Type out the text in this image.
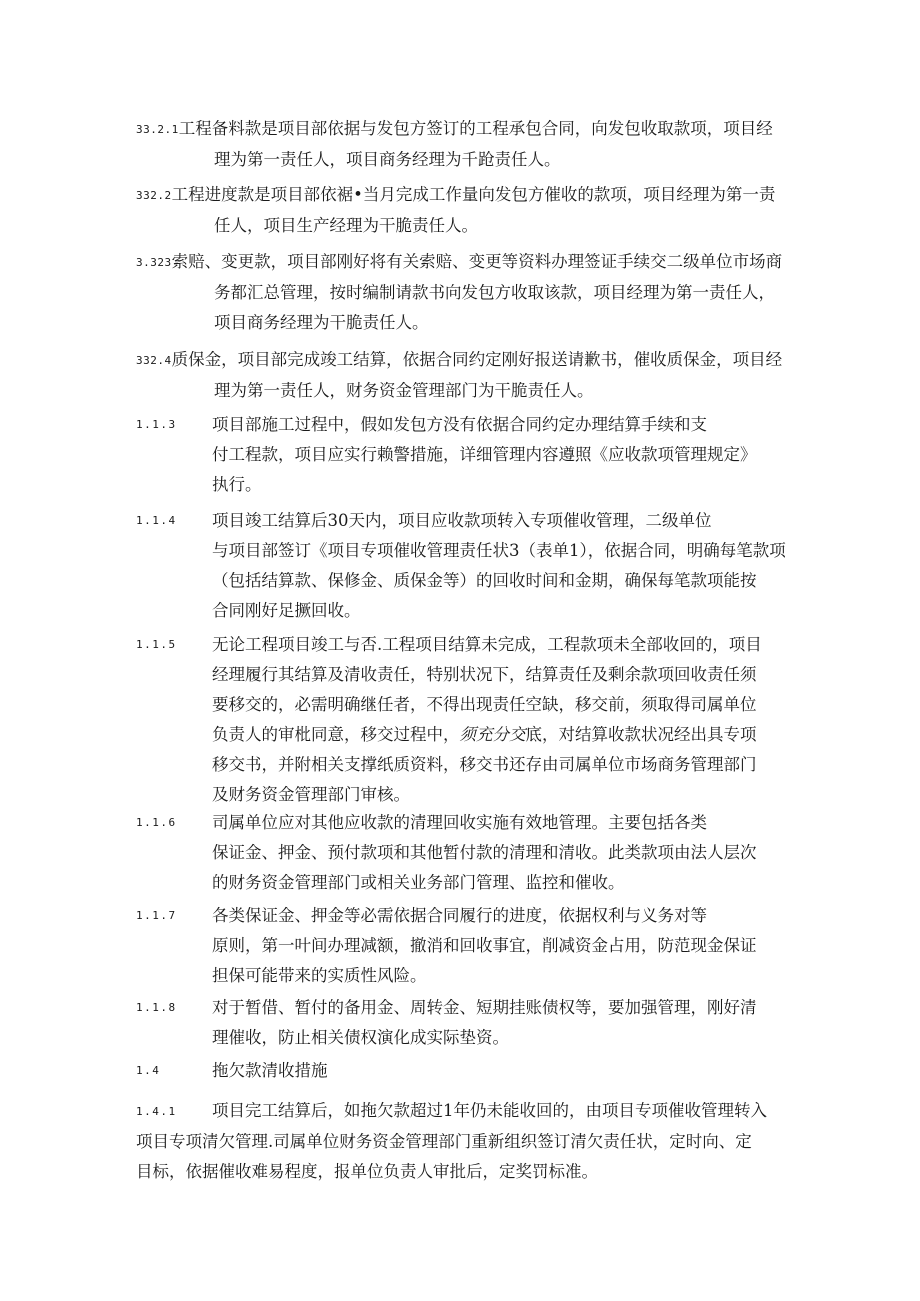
33.2.1工程备料款是项目部依据与发包方签订的工程承包合同，向发包收取款项，项目经
理为第一责任人，项目商务经理为千跄责任人。
332.2工程进度款是项目部依裾•当月完成工作量向发包方催收的款项，项目经理为第一责
任人，项目生产经理为干脆责任人。
3.323索赔、变更款，项目部刚好将有关索赔、变更等资料办理签证手续交二级单位市场商
务都汇总管理，按时编制请款书向发包方收取该款，项目经理为第一责任人，
项目商务经理为干脆责任人。
332.4质保金，项目部完成竣工结算，依据合同约定刚好报送请歉书，催收质保金，项目经
理为第一责任人，财务资金管理部门为干脆责任人。
1.1.3 项目部施工过程中，假如发包方没有依据合同约定办理结算手续和支
付工程款，项目应实行赖警措施，详细管理内容遵照《应收款项管理规定》
执行。
1.1.4 项目竣工结算后30天内，项目应收款项转入专项催收管理，二级单位
与项目部签订《项目专项催收管理责任状3（表单1），依据合同，明确每笔款项
（包括结算款、保修金、质保金等）的回收时间和金期，确保每笔款项能按
合同刚好足撅回收。
1.1.5 无论工程项目竣工与否.工程项目结算未完成，工程款项未全部收回的，项目
经理履行其结算及清收责任，特别状况下，结算责任及剩余款项回收责任须
要移交的，必需明确继任者，不得出现责任空缺，移交前，须取得司属单位
负责人的审枇同意，移交过程中，须充分交底，对结算收款状况经出具专项
移交书，并附相关支撑纸质资料，移交书还存由司属单位市场商务管理部门
及财务资金管理部门审核。
1.1.6 司属单位应对其他应收款的清理回收实施有效地管理。主要包括各类
保证金、押金、预付款项和其他暂付款的清理和清收。此类款项由法人层次
的财务资金管理部门或相关业务部门管理、监控和催收。
1.1.7 各类保证金、押金等必需依据合同履行的进度，依据权利与义务对等
原则，第一叶间办理减额，撤消和回收事宜，削减资金占用，防范现金保证
担保可能带来的实质性风险。
1.1.8 对于暂借、暂付的备用金、周转金、短期挂账债权等，要加强管理，刚好清
理催收，防止相关债权演化成实际垫资。
1.4	拖欠款清收措施
1.4.1 项目完工结算后，如拖欠款超过1年仍未能收回的，由项目专项催收管理转入
项目专项清欠管理.司属单位财务资金管理部门重新组织签订清欠责任状，定时向、定
目标，依据催收难易程度，报单位负责人审批后，定奖罚标准。
